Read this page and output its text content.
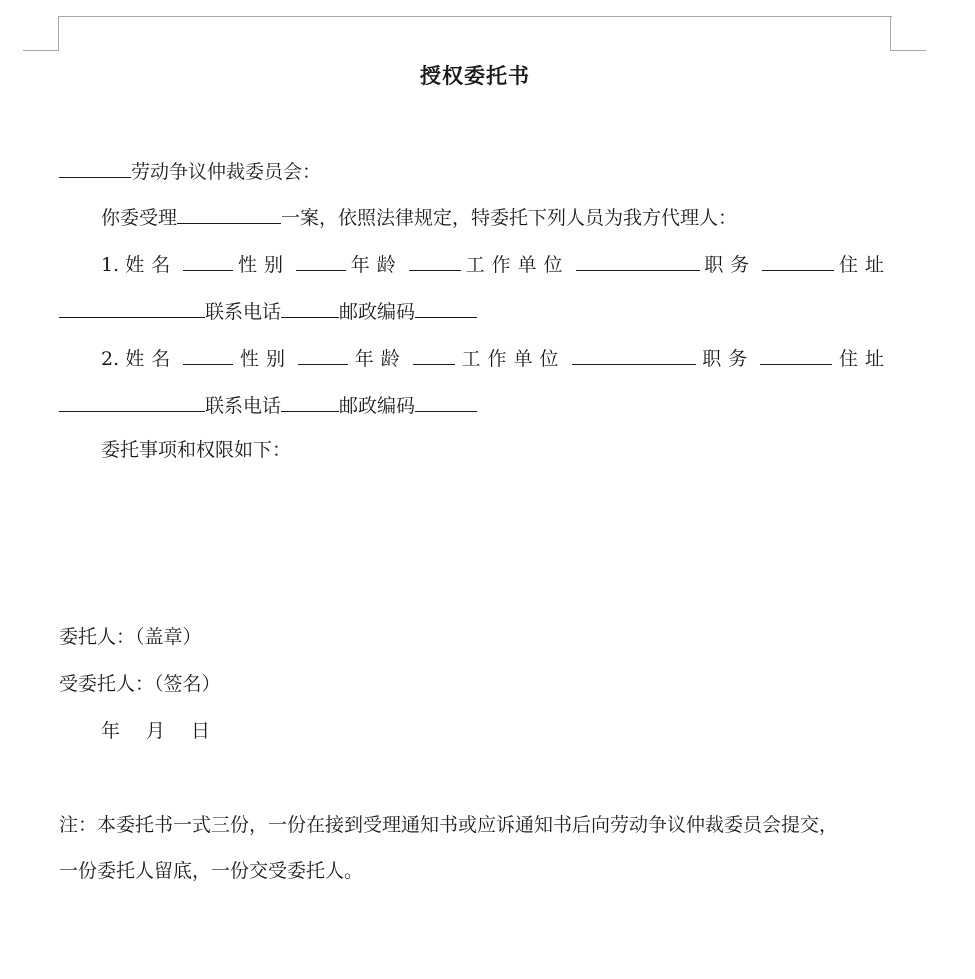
授权委托书
劳动争议仲裁委员会：
你委受理	一案，依照法律规定，特委托下列人员为我方代理人：
1. 姓名	性别	年龄	工作单位	职务	住址
联系电话	邮政编码
2. 姓名	性别	年龄	工作单位	职务	住址
联系电话	邮政编码
委托事项和权限如下：
委托人：（盖章）
受委托人：（签名）
年 月 日
注：本委托书一式三份，一份在接到受理通知书或应诉通知书后向劳动争议仲裁委员会提交，
一份委托人留底，一份交受委托人。
